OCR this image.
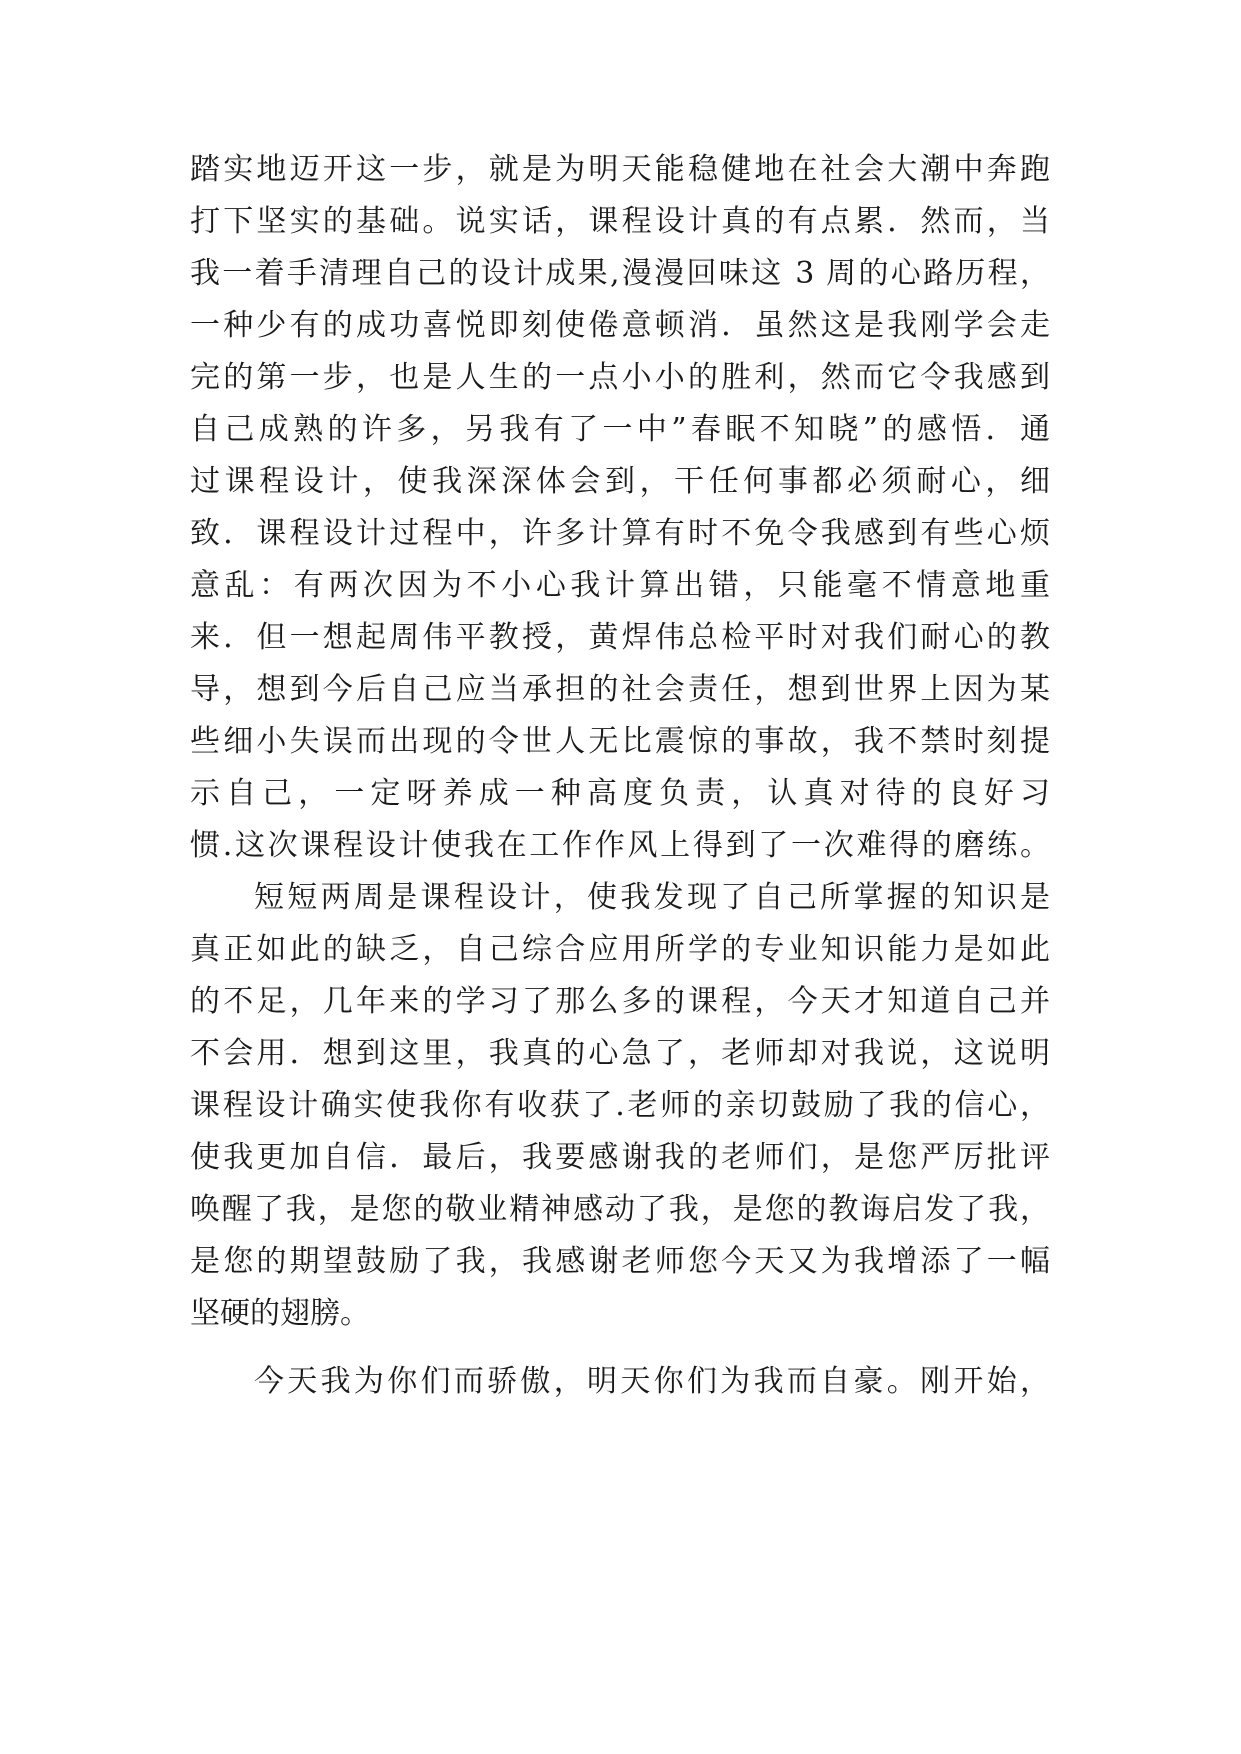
踏实地迈开这一步，就是为明天能稳健地在社会大潮中奔跑
打下坚实的基础。说实话，课程设计真的有点累．然而，当
我一着手清理自己的设计成果,漫漫回味这 3 周的心路历程，
一种少有的成功喜悦即刻使倦意顿消．虽然这是我刚学会走
完的第一步，也是人生的一点小小的胜利，然而它令我感到
自己成熟的许多，另我有了一中”春眠不知晓”的感悟．通
过课程设计，使我深深体会到，干任何事都必须耐心，细
致．课程设计过程中，许多计算有时不免令我感到有些心烦
意乱：有两次因为不小心我计算出错，只能毫不情意地重
来．但一想起周伟平教授，黄焊伟总检平时对我们耐心的教
导，想到今后自己应当承担的社会责任，想到世界上因为某
些细小失误而出现的令世人无比震惊的事故，我不禁时刻提
示自己，一定呀养成一种高度负责，认真对待的良好习
惯.这次课程设计使我在工作作风上得到了一次难得的磨练。
短短两周是课程设计，使我发现了自己所掌握的知识是
真正如此的缺乏，自己综合应用所学的专业知识能力是如此
的不足，几年来的学习了那么多的课程，今天才知道自己并
不会用．想到这里，我真的心急了，老师却对我说，这说明
课程设计确实使我你有收获了.老师的亲切鼓励了我的信心，
使我更加自信．最后，我要感谢我的老师们，是您严厉批评
唤醒了我，是您的敬业精神感动了我，是您的教诲启发了我，
是您的期望鼓励了我，我感谢老师您今天又为我增添了一幅
坚硬的翅膀。
今天我为你们而骄傲，明天你们为我而自豪。刚开始，
